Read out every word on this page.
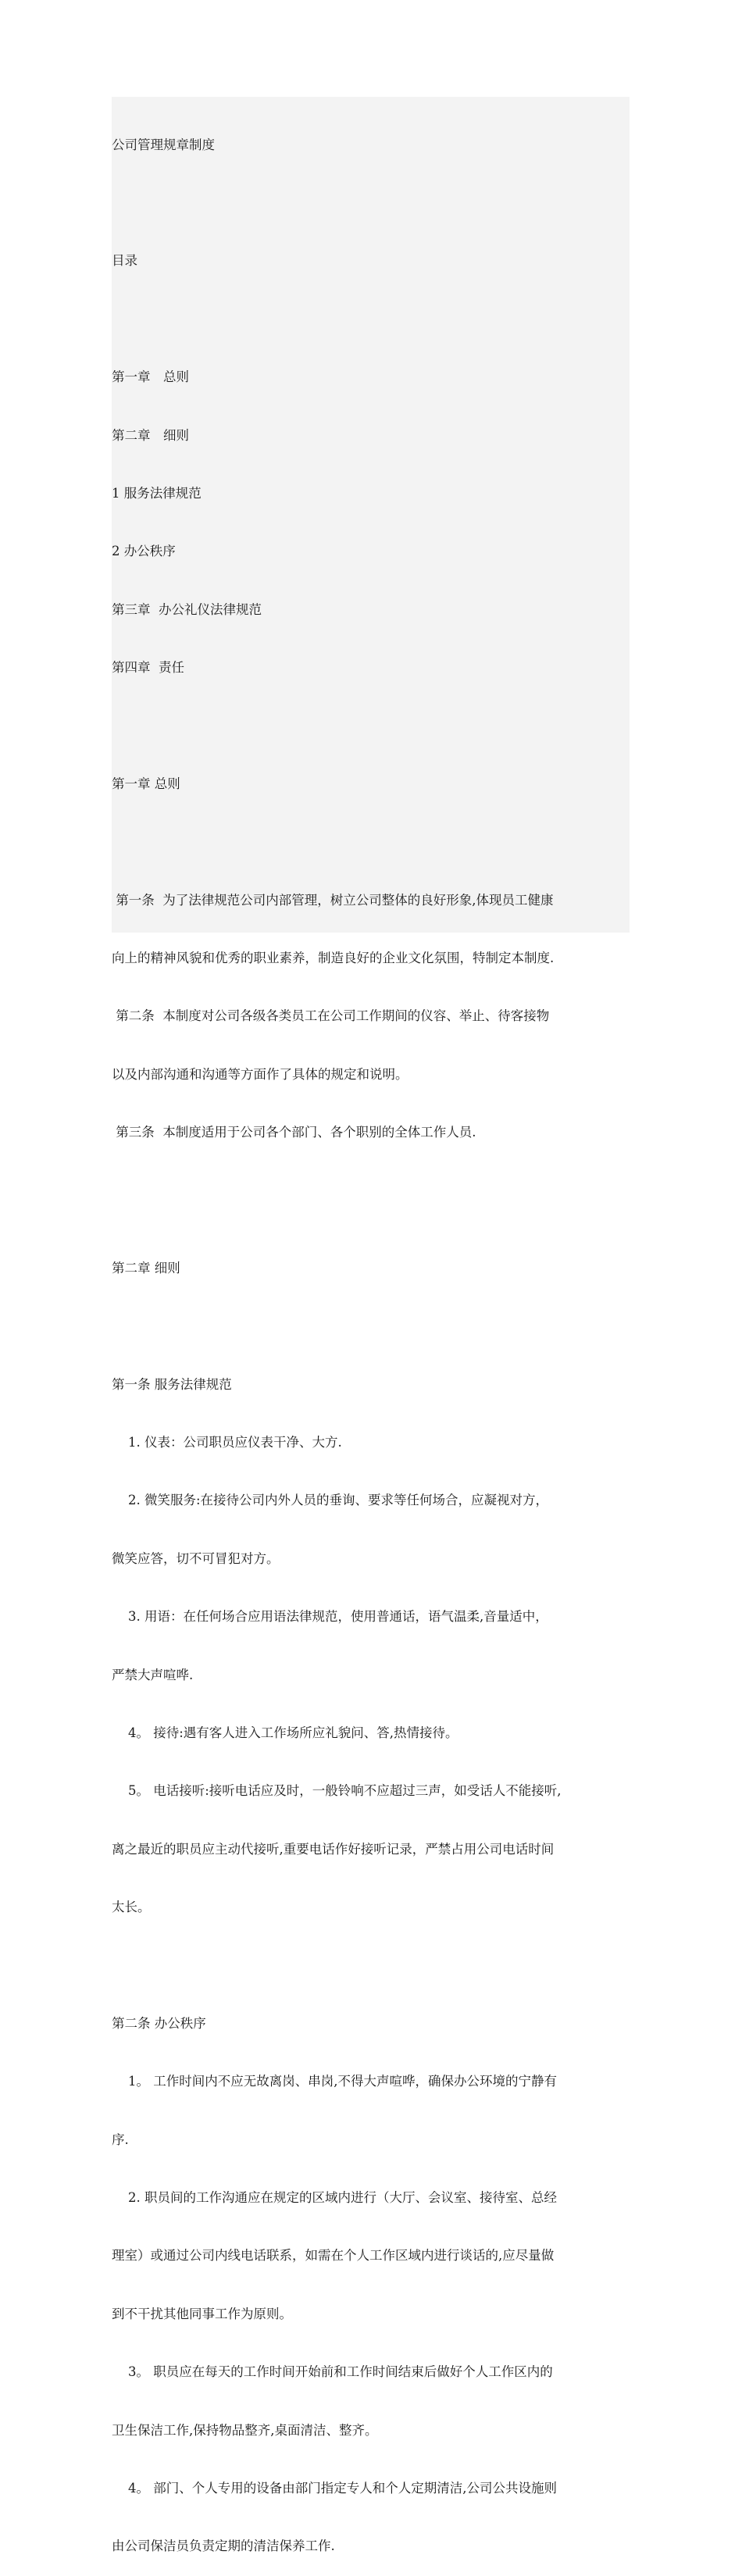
公司管理规章制度

目录

第一章　总则

第二章　细则

1 服务法律规范

2 办公秩序

第三章  办公礼仪法律规范

第四章  责任

第一章 总则

第一条  为了法律规范公司内部管理，树立公司整体的良好形象,体现员工健康

向上的精神风貌和优秀的职业素养，制造良好的企业文化氛围，特制定本制度.

第二条  本制度对公司各级各类员工在公司工作期间的仪容、举止、待客接物

以及内部沟通和沟通等方面作了具体的规定和说明。

第三条  本制度适用于公司各个部门、各个职别的全体工作人员.

第二章 细则

第一条 服务法律规范

1. 仪表：公司职员应仪表干净、大方.

2. 微笑服务:在接待公司内外人员的垂询、要求等任何场合，应凝视对方，

微笑应答，切不可冒犯对方。

3. 用语：在任何场合应用语法律规范，使用普通话，语气温柔,音量适中，

严禁大声喧哗.

4。 接待:遇有客人进入工作场所应礼貌问、答,热情接待。

5。 电话接听:接听电话应及时，一般铃响不应超过三声，如受话人不能接听,

离之最近的职员应主动代接听,重要电话作好接听记录，严禁占用公司电话时间

太长。

第二条 办公秩序

1。 工作时间内不应无故离岗、串岗,不得大声喧哗，确保办公环境的宁静有

序.

2. 职员间的工作沟通应在规定的区域内进行（大厅、会议室、接待室、总经

理室）或通过公司内线电话联系，如需在个人工作区域内进行谈话的,应尽量做

到不干扰其他同事工作为原则。

3。 职员应在每天的工作时间开始前和工作时间结束后做好个人工作区内的

卫生保洁工作,保持物品整齐,桌面清洁、整齐。

4。 部门、个人专用的设备由部门指定专人和个人定期清洁,公司公共设施则

由公司保洁员负责定期的清洁保养工作.
